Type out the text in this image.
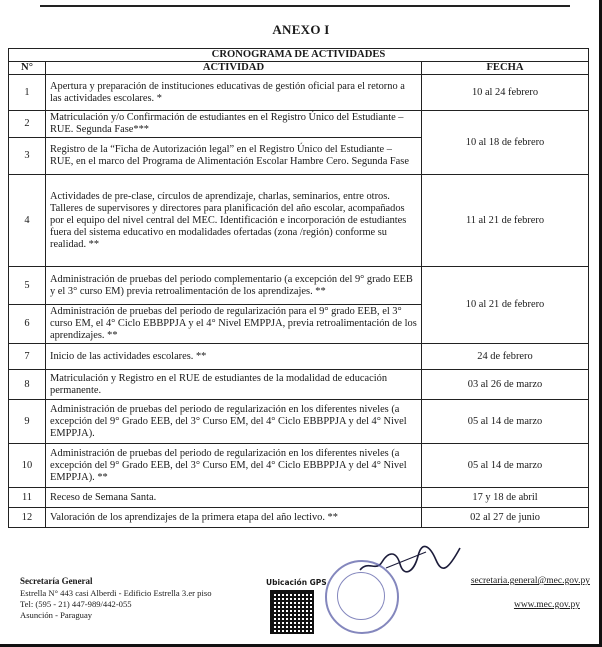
ANEXO I
CRONOGRAMA DE ACTIVIDADES		
N°	ACTIVIDAD	FECHA
1	Apertura y preparación de instituciones educativas de gestión oficial para el retorno a las actividades escolares. *	10 al 24 febrero
2	Matriculación y/o Confirmación de estudiantes en el Registro Único del Estudiante – RUE. Segunda Fase***	10 al 18 de febrero
3	Registro de la “Ficha de Autorización legal” en el Registro Único del Estudiante – RUE, en el marco del Programa de Alimentación Escolar Hambre Cero. Segunda Fase	
4	Actividades de pre-clase, círculos de aprendizaje, charlas, seminarios, entre otros. Talleres de supervisores y directores para planificación del año escolar, acompañados por el equipo del nivel central del MEC. Identificación e incorporación de estudiantes fuera del sistema educativo en modalidades ofertadas (zona /región) conforme su realidad. **	11 al 21 de febrero
5	Administración de pruebas del periodo complementario (a excepción del 9° grado EEB y el 3° curso EM) previa retroalimentación de los aprendizajes. **	10 al 21 de febrero
6	Administración de pruebas del periodo de regularización para el 9° grado EEB, el 3° curso EM, el 4° Ciclo EBBPPJA y el 4° Nivel EMPPJA, previa retroalimentación de los aprendizajes. **	
7	Inicio de las actividades escolares. **	24 de febrero
8	Matriculación y Registro en el RUE de estudiantes de la modalidad de educación permanente.	03 al 26 de marzo
9	Administración de pruebas del periodo de regularización en los diferentes niveles (a excepción del 9° Grado EEB, del 3° Curso EM, del 4° Ciclo EBBPPJA y del 4° Nivel EMPPJA).	05 al 14 de marzo
10	Administración de pruebas del periodo de regularización en los diferentes niveles (a excepción del 9° Grado EEB, del 3° Curso EM, del 4° Ciclo EBBPPJA y del 4° Nivel EMPPJA). **	05 al 14 de marzo
11	Receso de Semana Santa.	17 y 18 de abril
12	Valoración de los aprendizajes de la primera etapa del año lectivo. **	02 al 27 de junio
Secretaría General
Estrella N° 443 casi Alberdi - Edificio Estrella 3.er piso
Tel: (595 - 21) 447-989/442-055
Asunción - Paraguay
Ubicación GPS	secretaria.general@mec.gov.py
www.mec.gov.py
